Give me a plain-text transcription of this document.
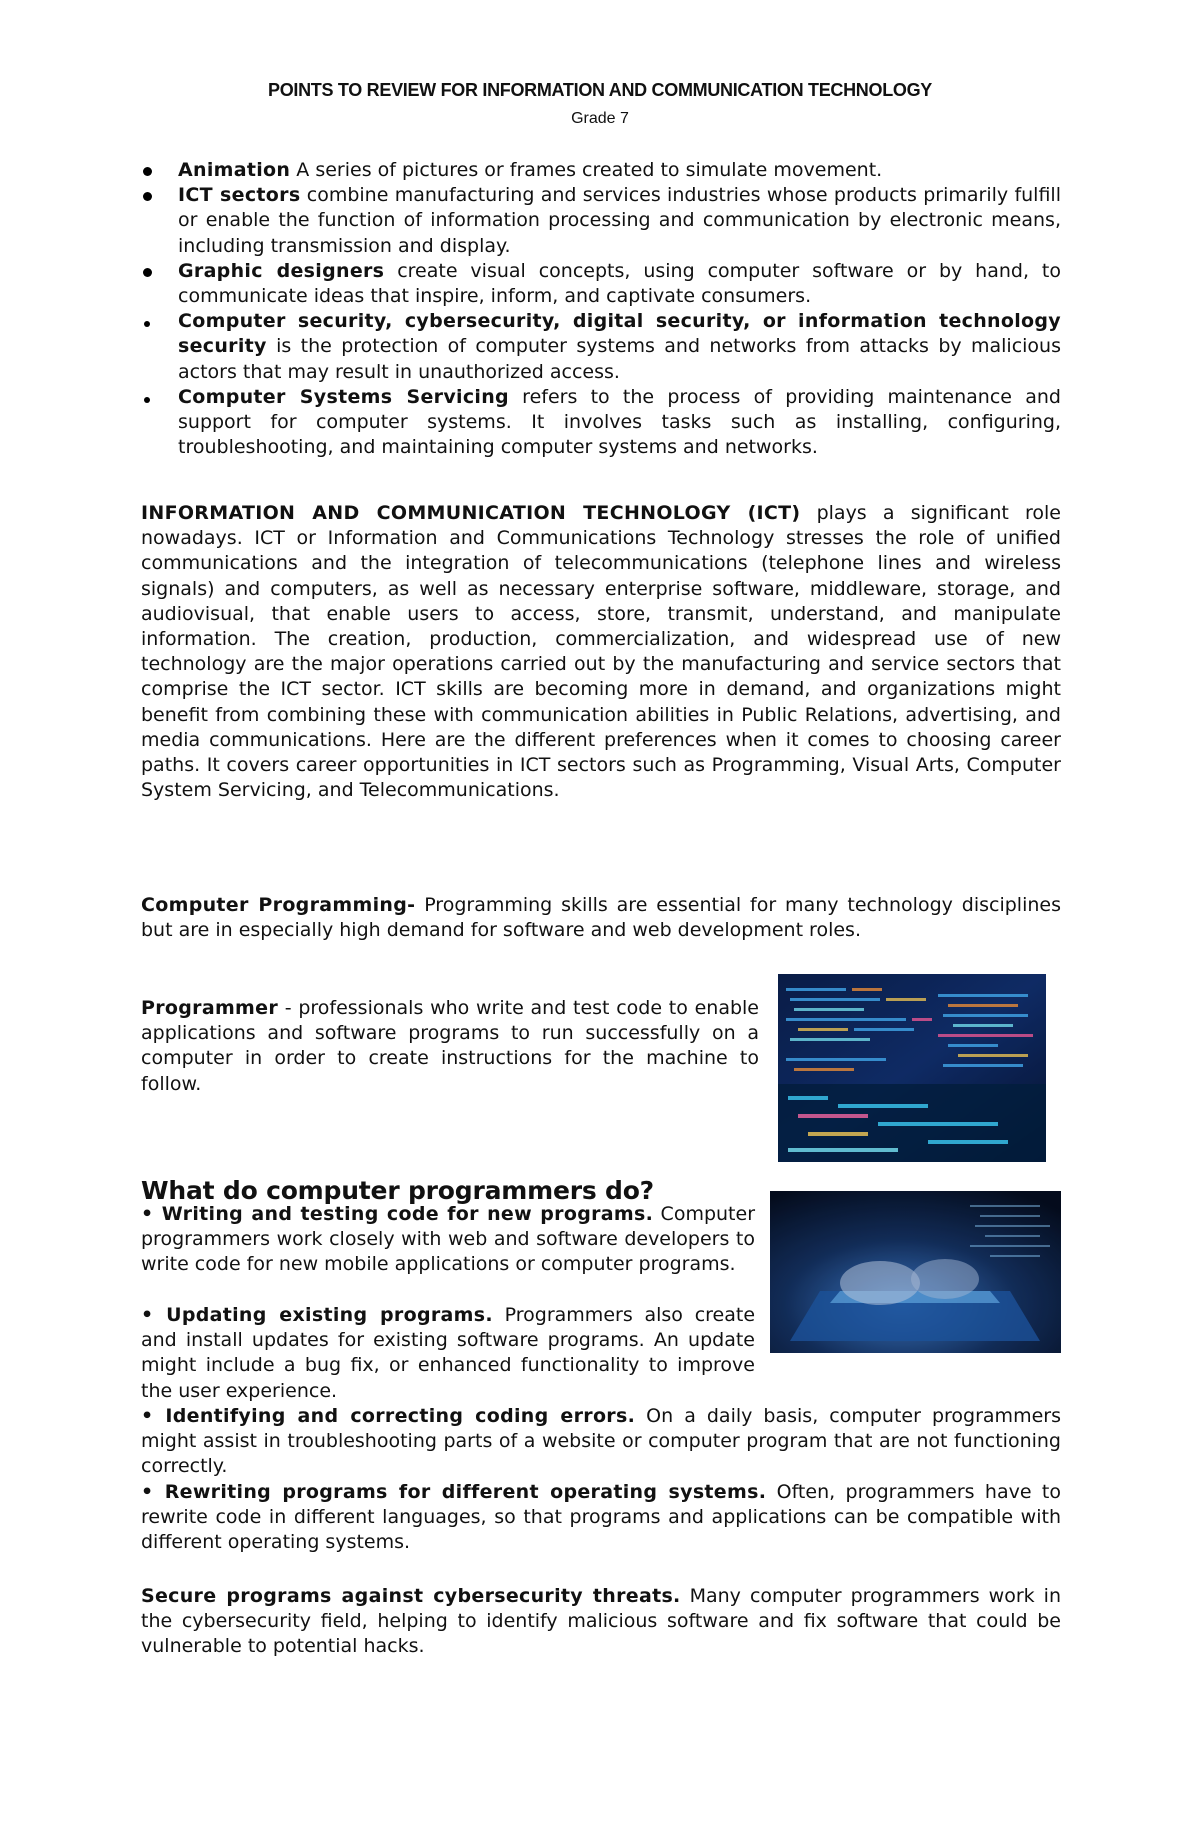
POINTS TO REVIEW FOR INFORMATION AND COMMUNICATION TECHNOLOGY
Grade 7
Animation A series of pictures or frames created to simulate movement.
ICT sectors combine manufacturing and services industries whose products primarily fulfill or enable the function of information processing and communication by electronic means, including transmission and display.
Graphic designers create visual concepts, using computer software or by hand, to communicate ideas that inspire, inform, and captivate consumers.
Computer security, cybersecurity, digital security, or information technology security is the protection of computer systems and networks from attacks by malicious actors that may result in unauthorized access.
Computer Systems Servicing refers to the process of providing maintenance and support for computer systems. It involves tasks such as installing, configuring, troubleshooting, and maintaining computer systems and networks.

INFORMATION AND COMMUNICATION TECHNOLOGY (ICT) plays a significant role nowadays. ICT or Information and Communications Technology stresses the role of unified communications and the integration of telecommunications (telephone lines and wireless signals) and computers, as well as necessary enterprise software, middleware, storage, and audiovisual, that enable users to access, store, transmit, understand, and manipulate information. The creation, production, commercialization, and widespread use of new technology are the major operations carried out by the manufacturing and service sectors that comprise the ICT sector. ICT skills are becoming more in demand, and organizations might benefit from combining these with communication abilities in Public Relations, advertising, and media communications. Here are the different preferences when it comes to choosing career paths. It covers career opportunities in ICT sectors such as Programming, Visual Arts, Computer System Servicing, and Telecommunications.

Computer Programming- Programming skills are essential for many technology disciplines but are in especially high demand for software and web development roles.

Programmer - professionals who write and test code to enable applications and software programs to run successfully on a computer in order to create instructions for the machine to follow.

What do computer programmers do?
• Writing and testing code for new programs. Computer programmers work closely with web and software developers to write code for new mobile applications or computer programs.
• Updating existing programs. Programmers also create and install updates for existing software programs. An update might include a bug fix, or enhanced functionality to improve the user experience.
• Identifying and correcting coding errors. On a daily basis, computer programmers might assist in troubleshooting parts of a website or computer program that are not functioning correctly.
• Rewriting programs for different operating systems. Often, programmers have to rewrite code in different languages, so that programs and applications can be compatible with different operating systems.

Secure programs against cybersecurity threats. Many computer programmers work in the cybersecurity field, helping to identify malicious software and fix software that could be vulnerable to potential hacks.
